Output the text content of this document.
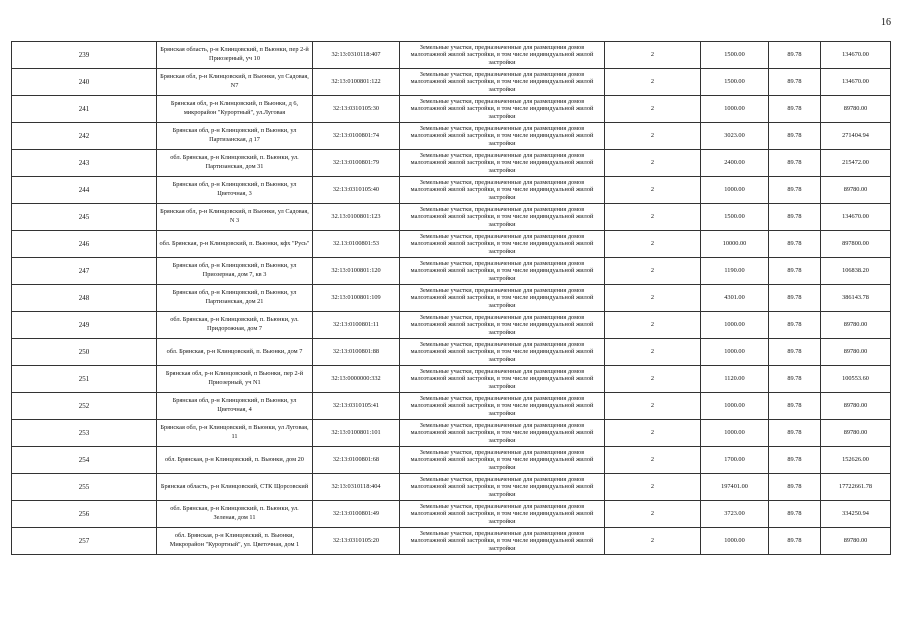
16
239	Брянская область, р-н Клинцовский, п Вьюнки, пер 2-й Приозерный, уч 10	32:13:0310118:407	Земельные участки, предназначенные для размещения домов малоэтажной жилой застройки, в том числе индивидуальной жилой застройки	2	1500.00	89.78	134670.00
240	Брянская обл, р-н Клинцовский, п Вьюнки, ул Садовая, N7	32:13:0100801:122	Земельные участки, предназначенные для размещения домов малоэтажной жилой застройки, в том числе индивидуальной жилой застройки	2	1500.00	89.78	134670.00
241	Брянская обл, р-н Клинцовский, п Вьюнки, д 6, микрорайон "Курортный", ул.Луговая	32:13:0310105:30	Земельные участки, предназначенные для размещения домов малоэтажной жилой застройки, в том числе индивидуальной жилой застройки	2	1000.00	89.78	89780.00
242	Брянская обл, р-н Клинцовский, п Вьюнки, ул Партизанская, д 17	32:13:0100801:74	Земельные участки, предназначенные для размещения домов малоэтажной жилой застройки, в том числе индивидуальной жилой застройки	2	3023.00	89.78	271404.94
243	обл. Брянская, р-н Клинцовский, п. Вьюнки, ул. Партизанская, дом 31	32:13:0100801:79	Земельные участки, предназначенные для размещения домов малоэтажной жилой застройки, в том числе индивидуальной жилой застройки	2	2400.00	89.78	215472.00
244	Брянская обл, р-н Клинцовский, п Вьюнки, ул Цветочная, 3	32:13:0310105:40	Земельные участки, предназначенные для размещения домов малоэтажной жилой застройки, в том числе индивидуальной жилой застройки	2	1000.00	89.78	89780.00
245	Брянская обл, р-н Клинцовский, п Вьюнки, ул Садовая, N 3	32.13:0100801:123	Земельные участки, предназначенные для размещения домов малоэтажной жилой застройки, в том числе индивидуальной жилой застройки	2	1500.00	89.78	134670.00
246	обл. Брянская, р-н Клинцовский, п. Вьюнки, кфх "Русь"	32.13:0100801:53	Земельные участки, предназначенные для размещения домов малоэтажной жилой застройки, в том числе индивидуальной жилой застройки	2	10000.00	89.78	897800.00
247	Брянская обл, р-н Клинцовский, п Вьюнки, ул Приозерная, дом 7, кв 3	32:13:0100801:120	Земельные участки, предназначенные для размещения домов малоэтажной жилой застройки, в том числе индивидуальной жилой застройки	2	1190.00	89.78	106838.20
248	Брянская обл, р-н Клинцовский, п Вьюнки, ул Партизанская, дом 21	32:13:0100801:109	Земельные участки, предназначенные для размещения домов малоэтажной жилой застройки, в том числе индивидуальной жилой застройки	2	4301.00	89.78	386143.78
249	обл. Брянская, р-н Клинцовский, п. Вьюнки, ул. Придорожная, дом 7	32:13:0100801:11	Земельные участки, предназначенные для размещения домов малоэтажной жилой застройки, в том числе индивидуальной жилой застройки	2	1000.00	89.78	89780.00
250	обл. Брянская, р-н Клинцовский, п. Вьюнки, дом 7	32:13:0100801:88	Земельные участки, предназначенные для размещения домов малоэтажной жилой застройки, в том числе индивидуальной жилой застройки	2	1000.00	89.78	89780.00
251	Брянская обл, р-н Клинцовский, п Вьюнки, пер 2-й Приозерный, уч N1	32:13:0000000:332	Земельные участки, предназначенные для размещения домов малоэтажной жилой застройки, в том числе индивидуальной жилой застройки	2	1120.00	89.78	100553.60
252	Брянская обл, р-н Клинцовский, п Вьюнки, ул Цветочная, 4	32:13:0310105:41	Земельные участки, предназначенные для размещения домов малоэтажной жилой застройки, в том числе индивидуальной жилой застройки	2	1000.00	89.78	89780.00
253	Брянская обл, р-н Клинцовский, п Вьюнки, ул Луговая, 11	32:13:0100801:101	Земельные участки, предназначенные для размещения домов малоэтажной жилой застройки, в том числе индивидуальной жилой застройки	2	1000.00	89.78	89780.00
254	обл. Брянская, р-н Клинцовский, п. Вьюнки, дом 20	32:13:0100801:68	Земельные участки, предназначенные для размещения домов малоэтажной жилой застройки, в том числе индивидуальной жилой застройки	2	1700.00	89.78	152626.00
255	Брянская область, р-н Клинцовский, СТК Щорсовский	32:13:0310118:404	Земельные участки, предназначенные для размещения домов малоэтажной жилой застройки, в том числе индивидуальной жилой застройки	2	197401.00	89.78	17722661.78
256	обл. Брянская, р-н Клинцовский, п. Вьюнки, ул. Зеленая, дом 11	32:13:0100801:49	Земельные участки, предназначенные для размещения домов малоэтажной жилой застройки, в том числе индивидуальной жилой застройки	2	3723.00	89.78	334250.94
257	обл. Брянская, р-н Клинцовский, п. Вьюнки, Микрорайон "Курортный", ул. Цветочная, дом 1	32:13:0310105:20	Земельные участки, предназначенные для размещения домов малоэтажной жилой застройки, в том числе индивидуальной жилой застройки	2	1000.00	89.78	89780.00
